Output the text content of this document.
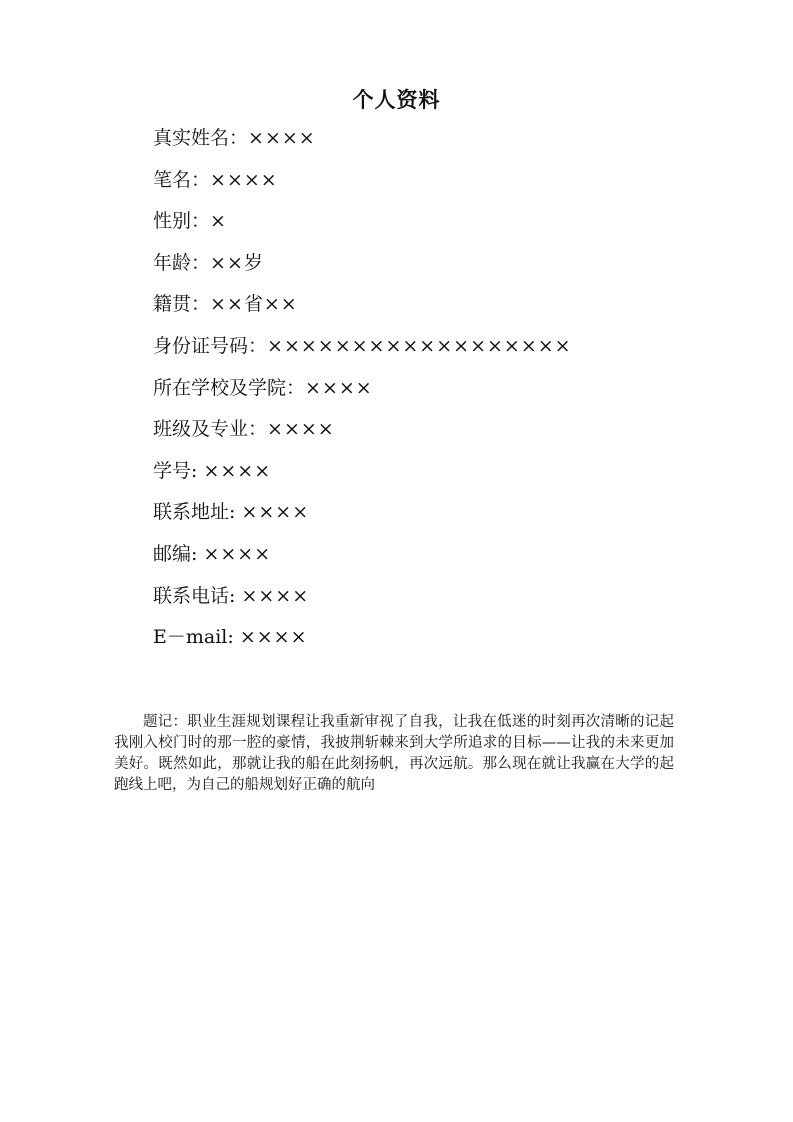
个人资料
真实姓名：××××
笔名：××××
性别：×
年龄：××岁
籍贯：××省××
身份证号码：××××××××××××××××××
所在学校及学院：××××
班级及专业：××××
学号: ××××
联系地址: ××××
邮编: ××××
联系电话: ××××
E－mail: ××××

题记：职业生涯规划课程让我重新审视了自我，让我在低迷的时刻再次清晰的记起我刚入校门时的那一腔的豪情，我披荆斩棘来到大学所追求的目标——让我的未来更加美好。既然如此，那就让我的船在此刻扬帆，再次远航。那么现在就让我赢在大学的起跑线上吧，为自己的船规划好正确的航向
